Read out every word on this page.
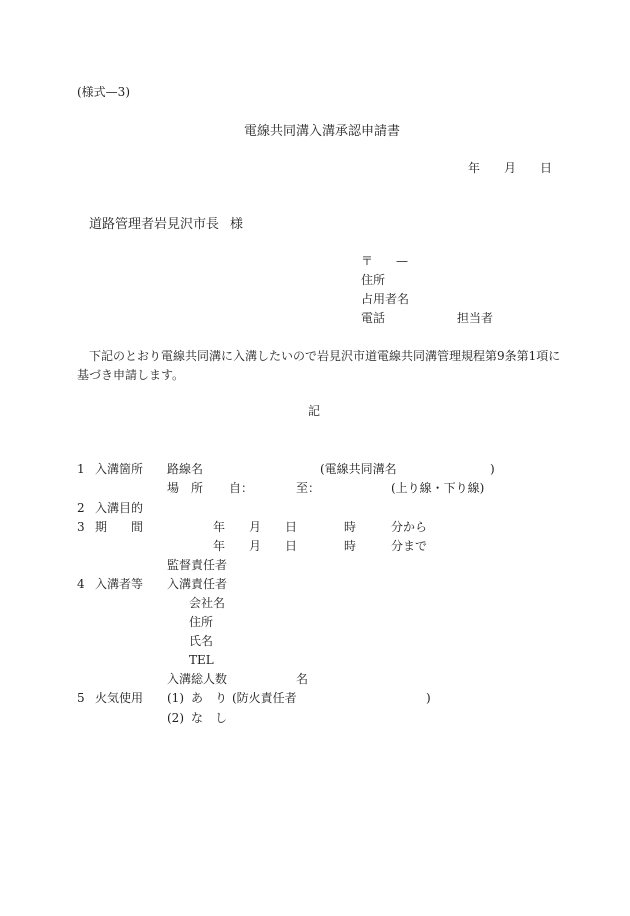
(様式—3)
電線共同溝入溝承認申請書
年 月 日
道路管理者岩見沢市長 様
〒 —
住所
占用者名
電話	担当者
下記のとおり電線共同溝に入溝したいので岩見沢市道電線共同溝管理規程第9条第1項に
基づき申請します。
記
1 入溝箇所 路線名	(電線共同溝名	)
場　所 自：	至：	(上り線・下り線)
2 入溝目的
3 期　　間	年 月 日	時	分から
年 月 日	時	分まで
監督責任者
4 入溝者等 入溝責任者
会社名
住所
氏名
TEL
入溝総人数	名
5 火気使用 (1) あ　り (防火責任者	)
(2) な　し
